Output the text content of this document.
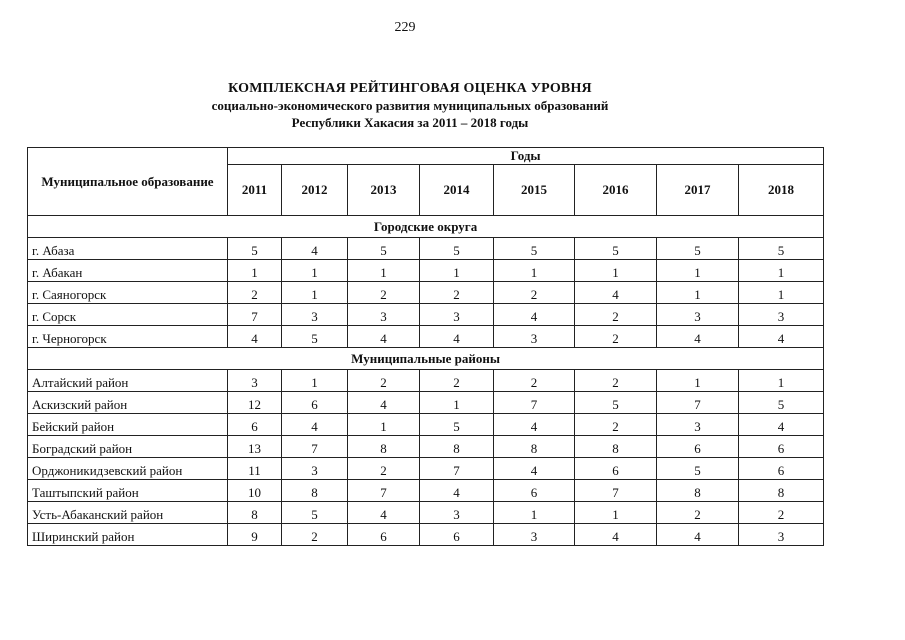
229
КОМПЛЕКСНАЯ РЕЙТИНГОВАЯ ОЦЕНКА УРОВНЯ
социально-экономического развития муниципальных образований
Республики Хакасия за 2011 – 2018 годы
Муниципальное образование	Годы							
	2011	2012	2013	2014	2015	2016	2017	2018
Городские округа								
г. Абаза	5	4	5	5	5	5	5	5
г. Абакан	1	1	1	1	1	1	1	1
г. Саяногорск	2	1	2	2	2	4	1	1
г. Сорск	7	3	3	3	4	2	3	3
г. Черногорск	4	5	4	4	3	2	4	4
Муниципальные районы								
Алтайский район	3	1	2	2	2	2	1	1
Аскизский район	12	6	4	1	7	5	7	5
Бейский район	6	4	1	5	4	2	3	4
Боградский район	13	7	8	8	8	8	6	6
Орджоникидзевский район	11	3	2	7	4	6	5	6
Таштыпский район	10	8	7	4	6	7	8	8
Усть-Абаканский район	8	5	4	3	1	1	2	2
Ширинский район	9	2	6	6	3	4	4	3
